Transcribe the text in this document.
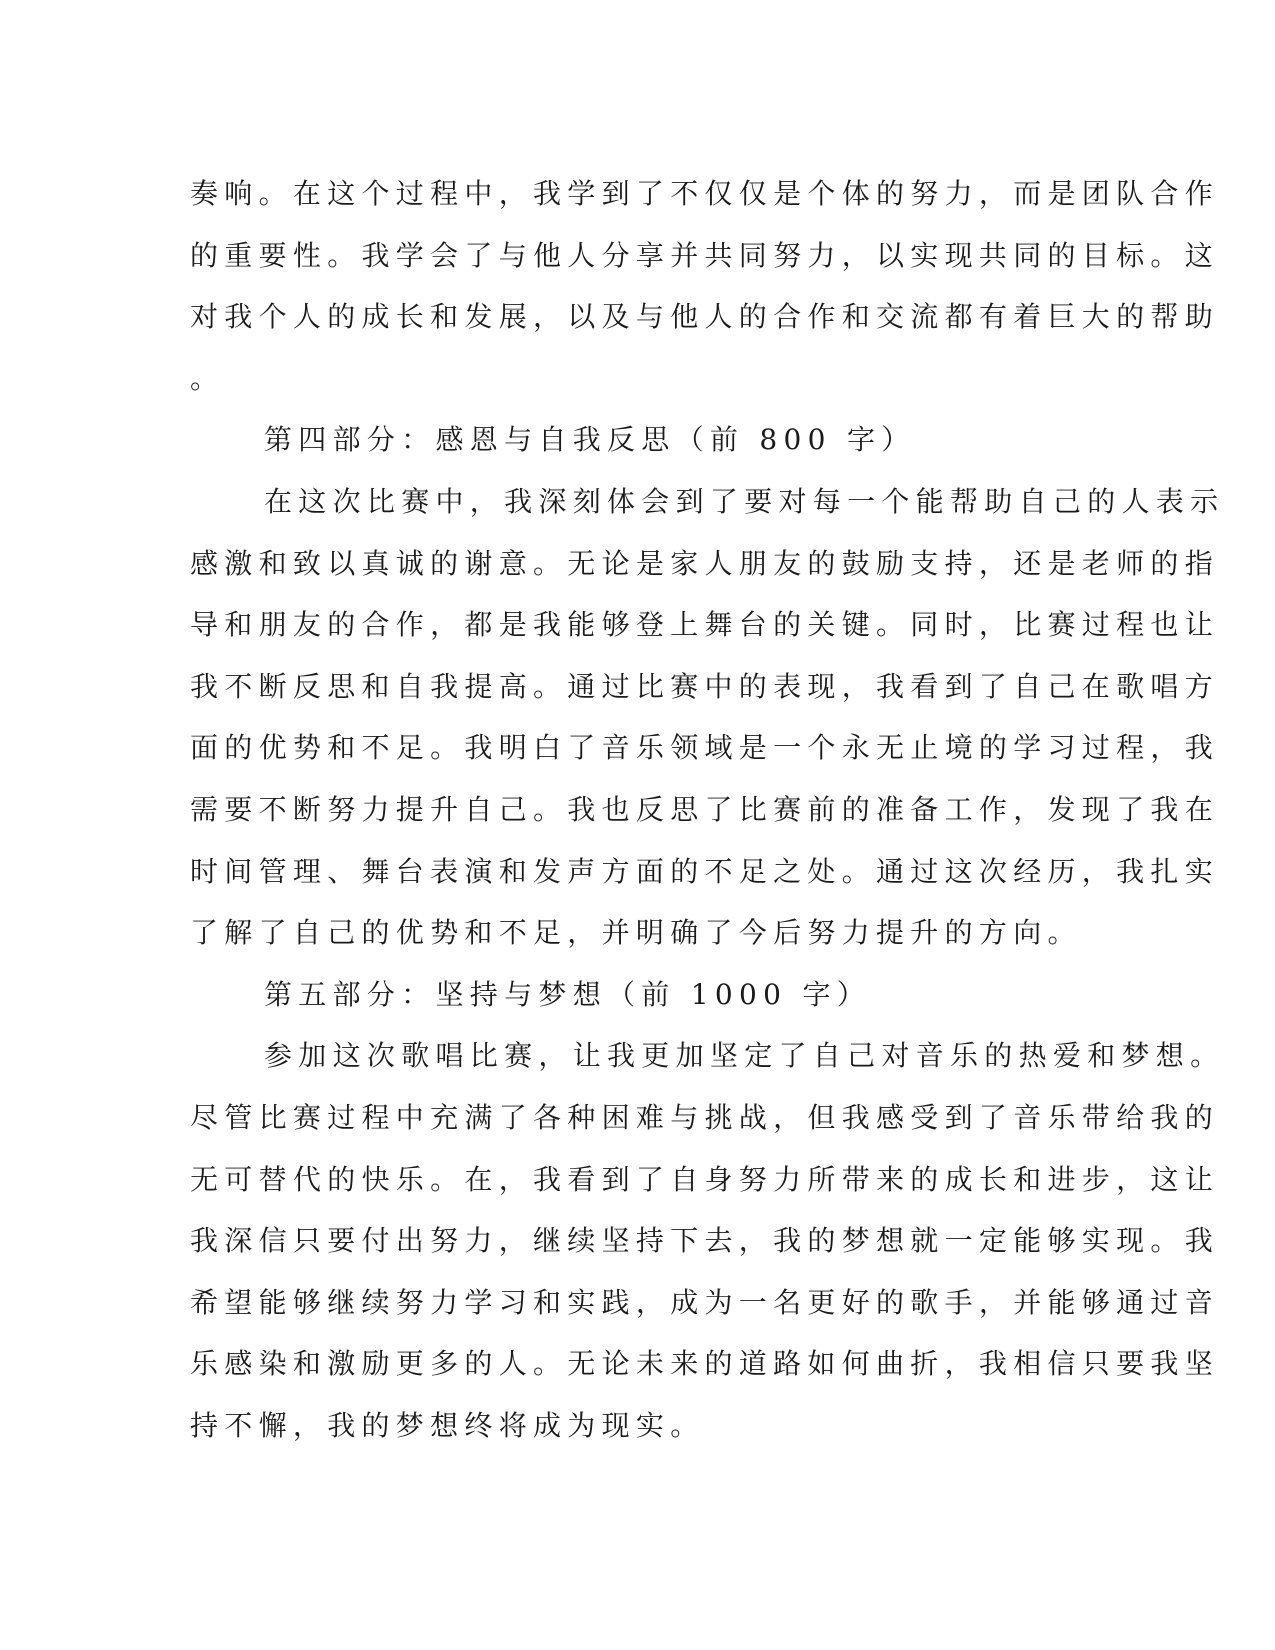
奏响。在这个过程中，我学到了不仅仅是个体的努力，而是团队合作
的重要性。我学会了与他人分享并共同努力，以实现共同的目标。这
对我个人的成长和发展，以及与他人的合作和交流都有着巨大的帮助
。
第四部分：感恩与自我反思（前 800 字）
在这次比赛中，我深刻体会到了要对每一个能帮助自己的人表示
感激和致以真诚的谢意。无论是家人朋友的鼓励支持，还是老师的指
导和朋友的合作，都是我能够登上舞台的关键。同时，比赛过程也让
我不断反思和自我提高。通过比赛中的表现，我看到了自己在歌唱方
面的优势和不足。我明白了音乐领域是一个永无止境的学习过程，我
需要不断努力提升自己。我也反思了比赛前的准备工作，发现了我在
时间管理、舞台表演和发声方面的不足之处。通过这次经历，我扎实
了解了自己的优势和不足，并明确了今后努力提升的方向。
第五部分：坚持与梦想（前 1000 字）
参加这次歌唱比赛，让我更加坚定了自己对音乐的热爱和梦想。
尽管比赛过程中充满了各种困难与挑战，但我感受到了音乐带给我的
无可替代的快乐。在，我看到了自身努力所带来的成长和进步，这让
我深信只要付出努力，继续坚持下去，我的梦想就一定能够实现。我
希望能够继续努力学习和实践，成为一名更好的歌手，并能够通过音
乐感染和激励更多的人。无论未来的道路如何曲折，我相信只要我坚
持不懈，我的梦想终将成为现实。
